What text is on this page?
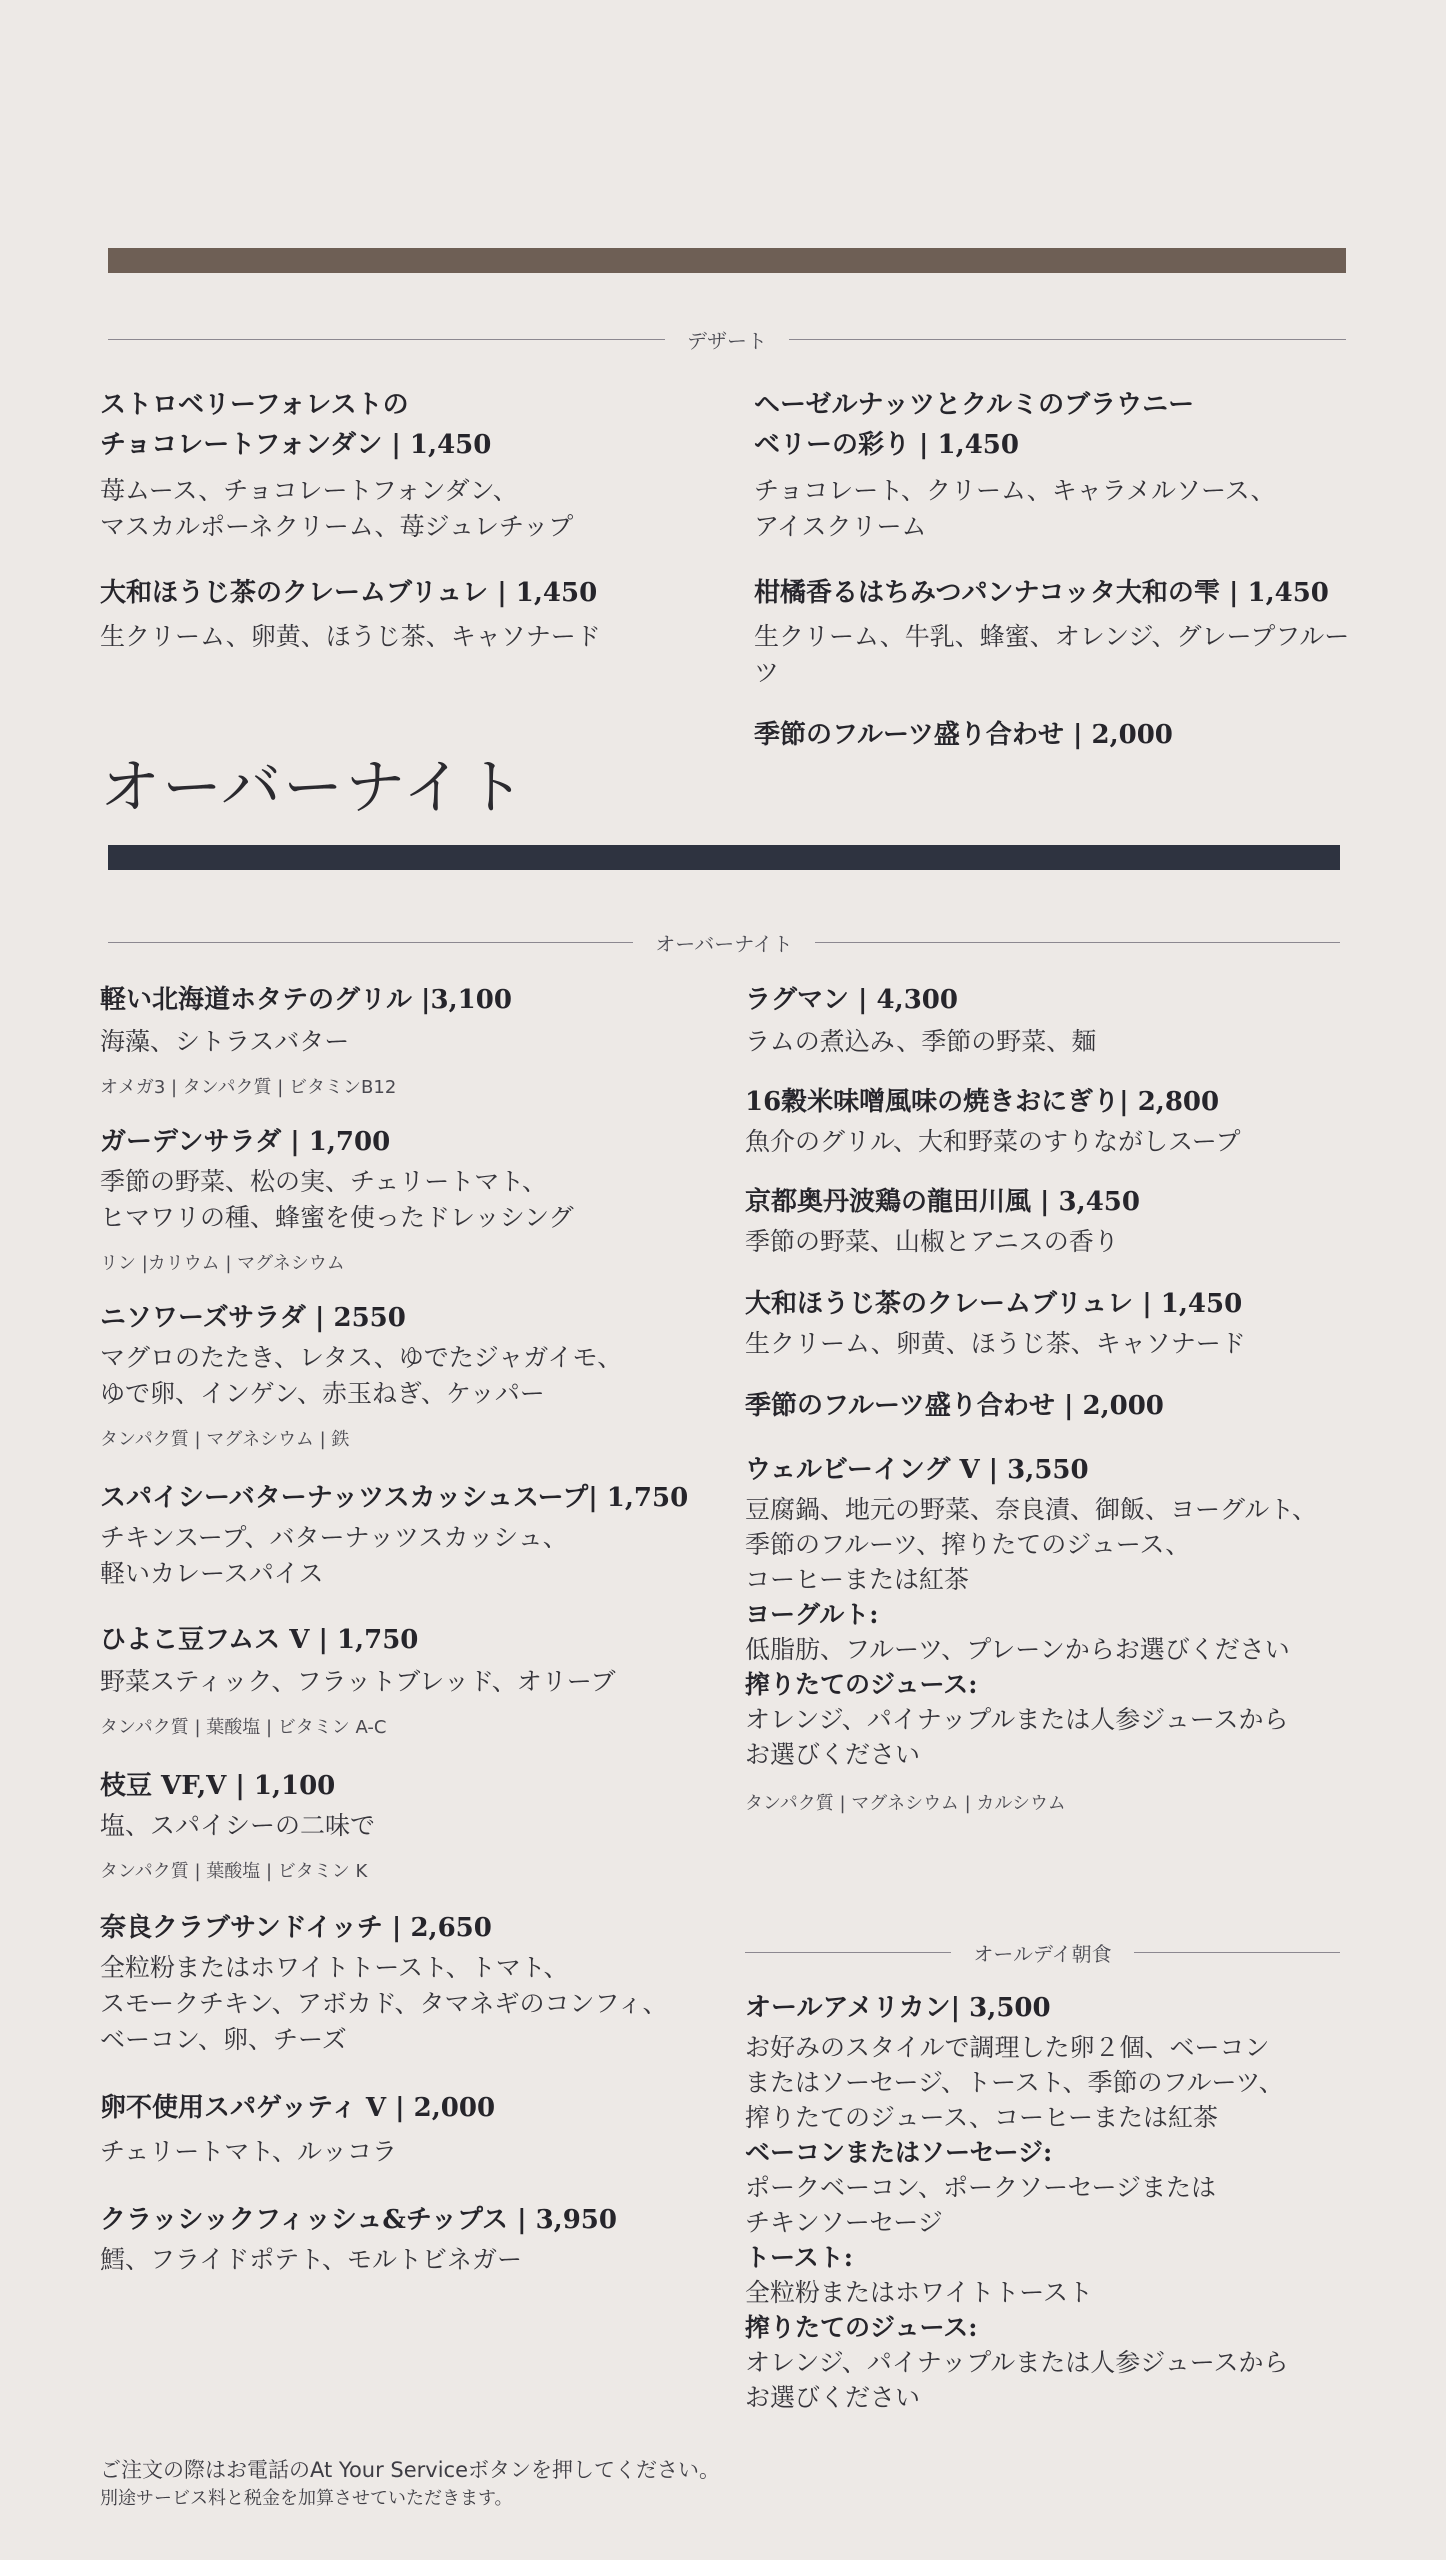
デザート
ストロベリーフォレストの
チョコレートフォンダン | 1,450
苺ムース、チョコレートフォンダン、
マスカルポーネクリーム、苺ジュレチップ
大和ほうじ茶のクレームブリュレ | 1,450
生クリーム、卵黄、ほうじ茶、キャソナード
ヘーゼルナッツとクルミのブラウニー
ベリーの彩り | 1,450
チョコレート、クリーム、キャラメルソース、
アイスクリーム
柑橘香るはちみつパンナコッタ大和の雫 | 1,450
生クリーム、牛乳、蜂蜜、オレンジ、グレープフルーツ
季節のフルーツ盛り合わせ | 2,000
オーバーナイト
オーバーナイト
軽い北海道ホタテのグリル |3,100
海藻、シトラスバター
オメガ3 | タンパク質 | ビタミンB12
ガーデンサラダ | 1,700
季節の野菜、松の実、チェリートマト、
ヒマワリの種、蜂蜜を使ったドレッシング
リン |カリウム | マグネシウム
ニソワーズサラダ | 2550
マグロのたたき、レタス、ゆでたジャガイモ、
ゆで卵、インゲン、赤玉ねぎ、ケッパー
タンパク質 | マグネシウム | 鉄
スパイシーバターナッツスカッシュスープ| 1,750
チキンスープ、バターナッツスカッシュ、
軽いカレースパイス
ひよこ豆フムス V | 1,750
野菜スティック、フラットブレッド、オリーブ
タンパク質 | 葉酸塩 | ビタミン A-C
枝豆 VF,V | 1,100
塩、スパイシーの二味で
タンパク質 | 葉酸塩 | ビタミン K
奈良クラブサンドイッチ | 2,650
全粒粉またはホワイトトースト、トマト、
スモークチキン、アボカド、タマネギのコンフィ、
ベーコン、卵、チーズ
卵不使用スパゲッティ V | 2,000
チェリートマト、ルッコラ
クラッシックフィッシュ&チップス | 3,950
鱈、フライドポテト、モルトビネガー
ラグマン | 4,300
ラムの煮込み、季節の野菜、麺
16穀米味噌風味の焼きおにぎり| 2,800
魚介のグリル、大和野菜のすりながしスープ
京都奥丹波鶏の龍田川風 | 3,450
季節の野菜、山椒とアニスの香り
大和ほうじ茶のクレームブリュレ | 1,450
生クリーム、卵黄、ほうじ茶、キャソナード
季節のフルーツ盛り合わせ | 2,000
ウェルビーイング V | 3,550
豆腐鍋、地元の野菜、奈良漬、御飯、ヨーグルト、
季節のフルーツ、搾りたてのジュース、
コーヒーまたは紅茶
ヨーグルト:
低脂肪、フルーツ、プレーンからお選びください
搾りたてのジュース:
オレンジ、パイナップルまたは人参ジュースから
お選びください
タンパク質 | マグネシウム | カルシウム
オールデイ朝食
オールアメリカン| 3,500
お好みのスタイルで調理した卵２個、ベーコン
またはソーセージ、トースト、季節のフルーツ、
搾りたてのジュース、コーヒーまたは紅茶
ベーコンまたはソーセージ:
ポークベーコン、ポークソーセージまたは
チキンソーセージ
トースト:
全粒粉またはホワイトトースト
搾りたてのジュース:
オレンジ、パイナップルまたは人参ジュースから
お選びください
ご注文の際はお電話のAt Your Serviceボタンを押してください。
別途サービス料と税金を加算させていただきます。
